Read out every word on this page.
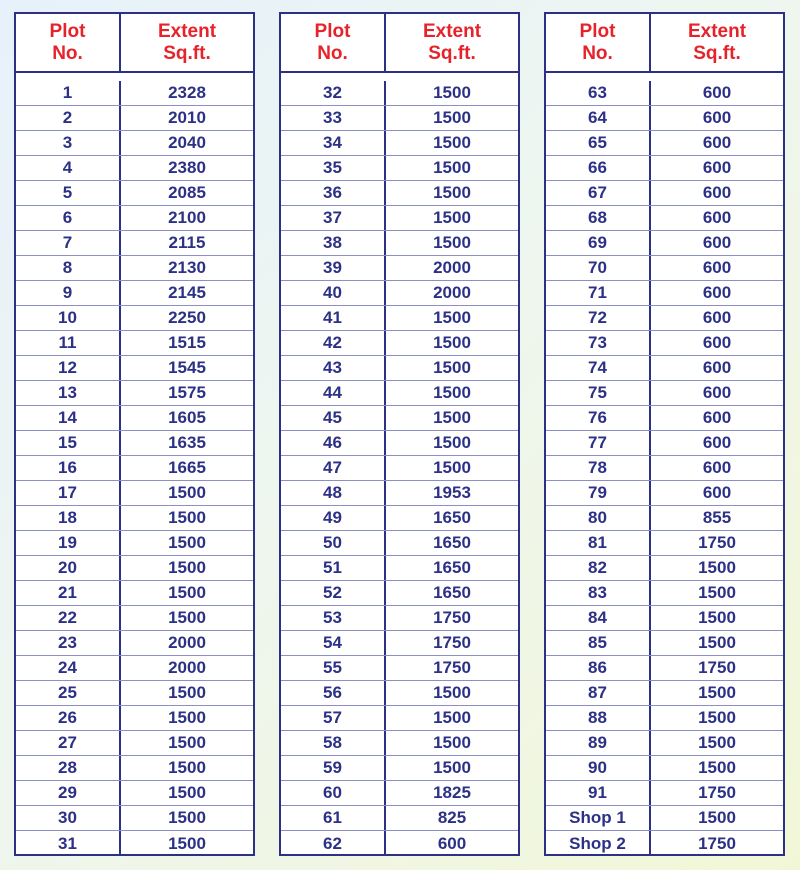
Plot
No.
Extent
Sq.ft.
1	2328
2	2010
3	2040
4	2380
5	2085
6	2100
7	2115
8	2130
9	2145
10	2250
11	1515
12	1545
13	1575
14	1605
15	1635
16	1665
17	1500
18	1500
19	1500
20	1500
21	1500
22	1500
23	2000
24	2000
25	1500
26	1500
27	1500
28	1500
29	1500
30	1500
31	1500
Plot
No.
Extent
Sq.ft.
32	1500
33	1500
34	1500
35	1500
36	1500
37	1500
38	1500
39	2000
40	2000
41	1500
42	1500
43	1500
44	1500
45	1500
46	1500
47	1500
48	1953
49	1650
50	1650
51	1650
52	1650
53	1750
54	1750
55	1750
56	1500
57	1500
58	1500
59	1500
60	1825
61	825
62	600
Plot
No.
Extent
Sq.ft.
63	600
64	600
65	600
66	600
67	600
68	600
69	600
70	600
71	600
72	600
73	600
74	600
75	600
76	600
77	600
78	600
79	600
80	855
81	1750
82	1500
83	1500
84	1500
85	1500
86	1750
87	1500
88	1500
89	1500
90	1500
91	1750
Shop 1	1500
Shop 2	1750
